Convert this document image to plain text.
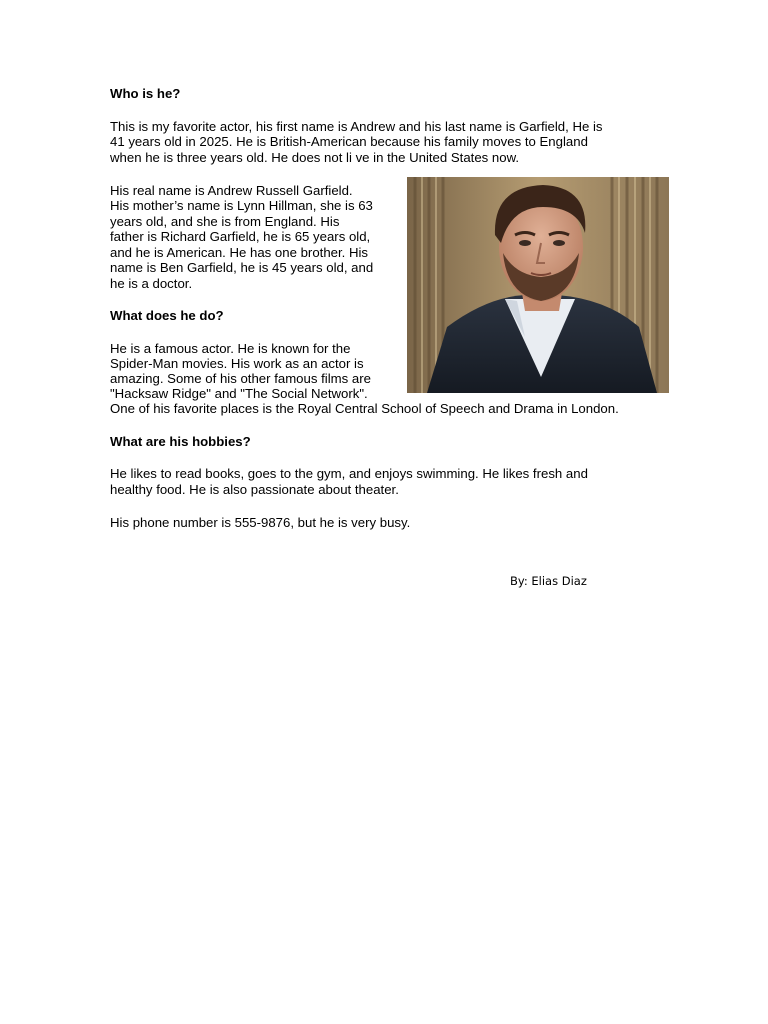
Who is he?

This is my favorite actor, his first name is Andrew and his last name is Garfield, He is

41 years old in 2025. He is British-American because his family moves to England

when he is three years old. He does not li ve in the United States now.

His real name is Andrew Russell Garfield.

His mother’s name is Lynn Hillman, she is 63

years old, and she is from England. His

father is Richard Garfield, he is 65 years old,

and he is American. He has one brother. His

name is Ben Garfield, he is 45 years old, and

he is a doctor.

What does he do?

He is a famous actor. He is known for the

Spider-Man movies. His work as an actor is

amazing. Some of his other famous films are

"Hacksaw Ridge" and "The Social Network".

One of his favorite places is the Royal Central School of Speech and Drama in London.

What are his hobbies?

He likes to read books, goes to the gym, and enjoys swimming. He likes fresh and

healthy food. He is also passionate about theater.

His phone number is 555-9876, but he is very busy.

By: Elias Diaz
